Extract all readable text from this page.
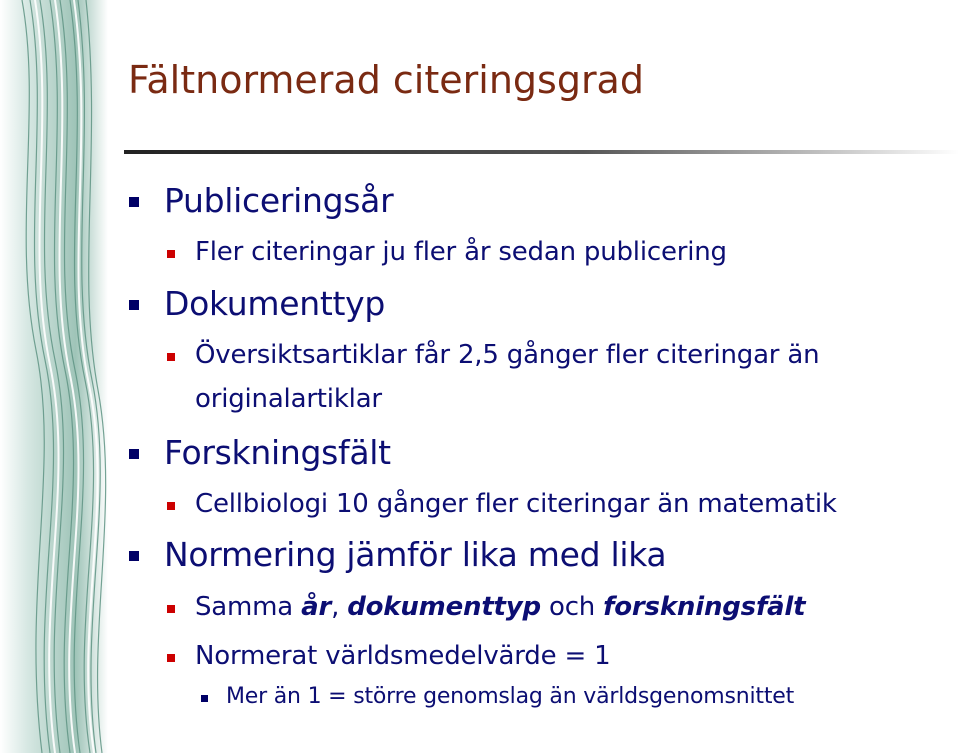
Fältnormerad citeringsgrad
Publiceringsår
Fler citeringar ju fler år sedan publicering
Dokumenttyp
Översiktsartiklar får 2,5 gånger fler citeringar än originalartiklar
Forskningsfält
Cellbiologi 10 gånger fler citeringar än matematik
Normering jämför lika med lika
Samma år, dokumenttyp och forskningsfält
Normerat världsmedelvärde = 1
Mer än 1 = större genomslag än världsgenomsnittet
